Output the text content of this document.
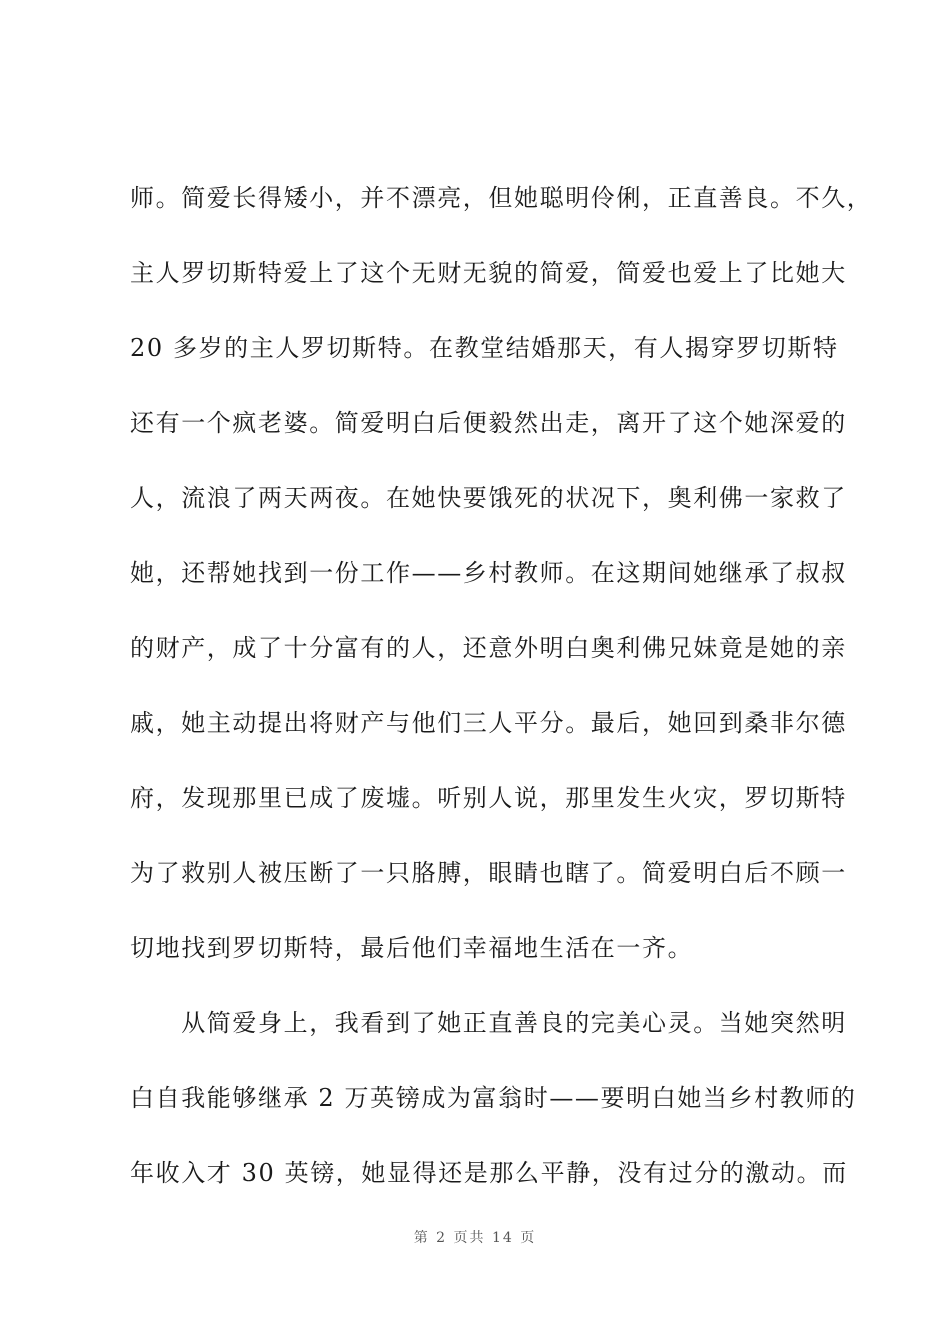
师。简爱长得矮小，并不漂亮，但她聪明伶俐，正直善良。不久，
主人罗切斯特爱上了这个无财无貌的简爱，简爱也爱上了比她大
20 多岁的主人罗切斯特。在教堂结婚那天，有人揭穿罗切斯特
还有一个疯老婆。简爱明白后便毅然出走，离开了这个她深爱的
人，流浪了两天两夜。在她快要饿死的状况下，奥利佛一家救了
她，还帮她找到一份工作——乡村教师。在这期间她继承了叔叔
的财产，成了十分富有的人，还意外明白奥利佛兄妹竟是她的亲
戚，她主动提出将财产与他们三人平分。最后，她回到桑非尔德
府，发现那里已成了废墟。听别人说，那里发生火灾，罗切斯特
为了救别人被压断了一只胳膊，眼睛也瞎了。简爱明白后不顾一
切地找到罗切斯特，最后他们幸福地生活在一齐。
　　从简爱身上，我看到了她正直善良的完美心灵。当她突然明
白自我能够继承 2 万英镑成为富翁时——要明白她当乡村教师的
年收入才 30 英镑，她显得还是那么平静，没有过分的激动。而
第 2 页共 14 页
